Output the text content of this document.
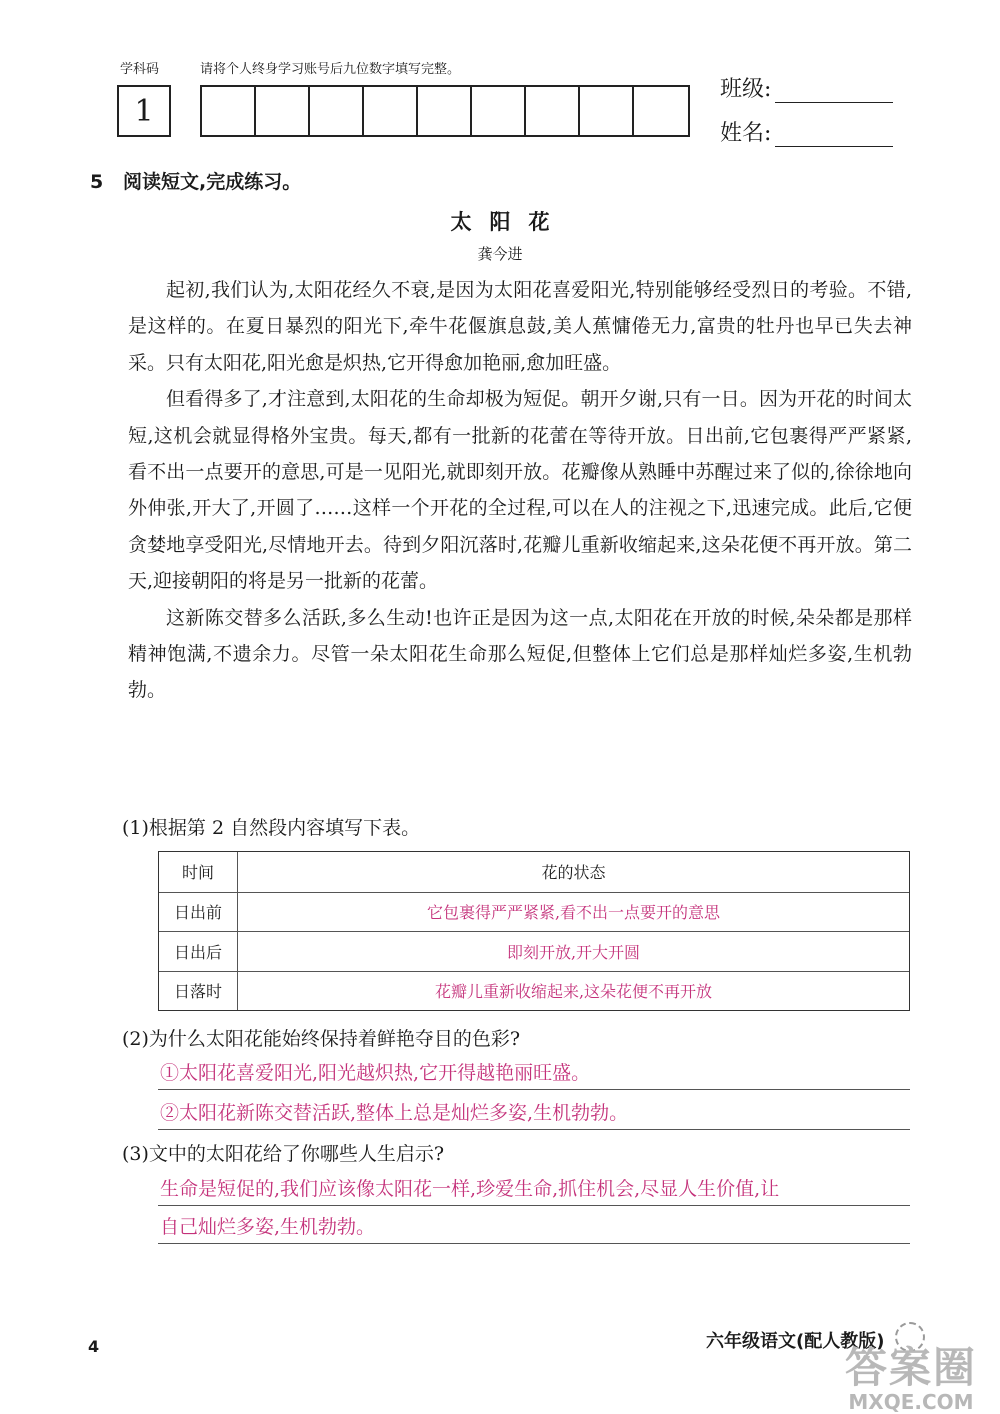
学科码	请将个人终身学习账号后九位数字填写完整。
1
班级:
姓名:
5 阅读短文,完成练习。
太阳花
龚今进

起初,我们认为,太阳花经久不衰,是因为太阳花喜爱阳光,特别能够经受烈日的考验。不错,是这样的。在夏日暴烈的阳光下,牵牛花偃旗息鼓,美人蕉慵倦无力,富贵的牡丹也早已失去神采。只有太阳花,阳光愈是炽热,它开得愈加艳丽,愈加旺盛。

但看得多了,才注意到,太阳花的生命却极为短促。朝开夕谢,只有一日。因为开花的时间太短,这机会就显得格外宝贵。每天,都有一批新的花蕾在等待开放。日出前,它包裹得严严紧紧,看不出一点要开的意思,可是一见阳光,就即刻开放。花瓣像从熟睡中苏醒过来了似的,徐徐地向外伸张,开大了,开圆了……这样一个开花的全过程,可以在人的注视之下,迅速完成。此后,它便贪婪地享受阳光,尽情地开去。待到夕阳沉落时,花瓣儿重新收缩起来,这朵花便不再开放。第二天,迎接朝阳的将是另一批新的花蕾。

这新陈交替多么活跃,多么生动!也许正是因为这一点,太阳花在开放的时候,朵朵都是那样精神饱满,不遗余力。尽管一朵太阳花生命那么短促,但整体上它们总是那样灿烂多姿,生机勃勃。

(1)根据第 2 自然段内容填写下表。
时间	花的状态
日出前	它包裹得严严紧紧,看不出一点要开的意思
日出后	即刻开放,开大开圆
日落时	花瓣儿重新收缩起来,这朵花便不再开放
(2)为什么太阳花能始终保持着鲜艳夺目的色彩?
①太阳花喜爱阳光,阳光越炽热,它开得越艳丽旺盛。
②太阳花新陈交替活跃,整体上总是灿烂多姿,生机勃勃。
(3)文中的太阳花给了你哪些人生启示?
生命是短促的,我们应该像太阳花一样,珍爱生命,抓住机会,尽显人生价值,让
自己灿烂多姿,生机勃勃。
4	六年级语文(配人教版)
答案圈
MXQE.COM
